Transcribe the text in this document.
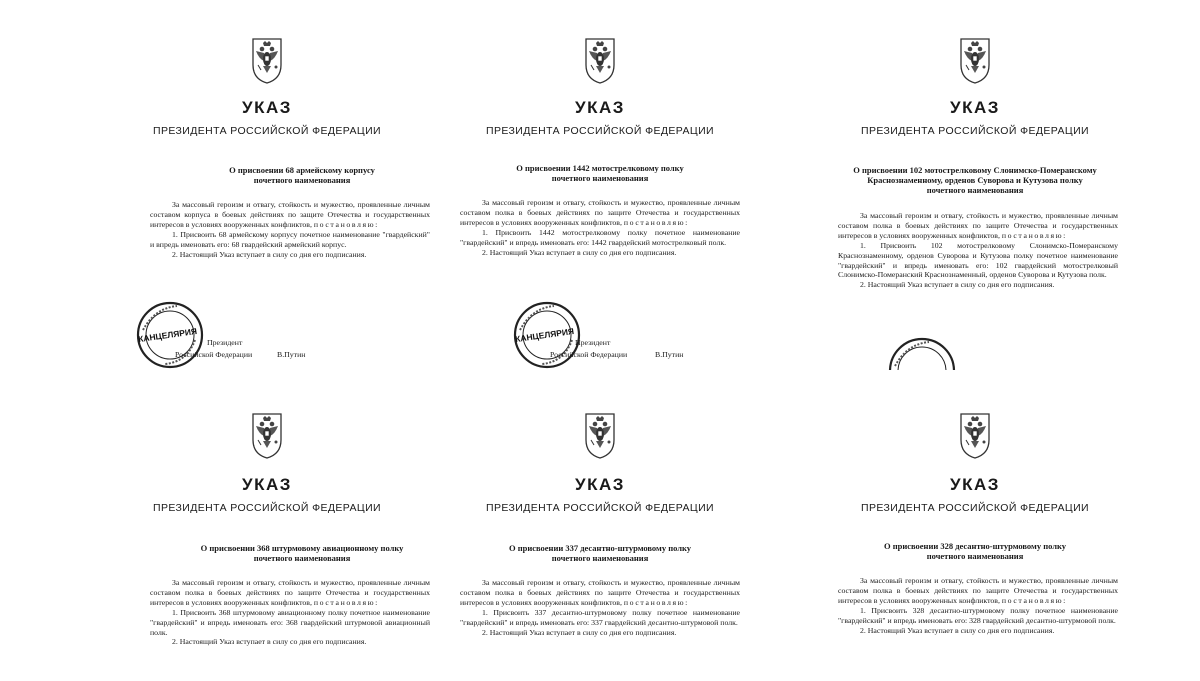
УКАЗ
ПРЕЗИДЕНТА РОССИЙСКОЙ ФЕДЕРАЦИИ
О присвоении 68 армейскому корпусу
почетного наименования

За массовый героизм и отвагу, стойкость и мужество, проявленные личным составом корпуса в боевых действиях по защите Отечества и государственных интересов в условиях вооруженных конфликтов, постановляю:

1. Присвоить 68 армейскому корпусу почетное наименование "гвардейский" и впредь именовать его: 68 гвардейский армейский корпус.

2. Настоящий Указ вступает в силу со дня его подписания.

КАНЦЕЛЯРИЯ Президент
Российской Федерации	В.Путин
УКАЗ
ПРЕЗИДЕНТА РОССИЙСКОЙ ФЕДЕРАЦИИ
О присвоении 1442 мотострелковому полку
почетного наименования

За массовый героизм и отвагу, стойкость и мужество, проявленные личным составом полка в боевых действиях по защите Отечества и государственных интересов в условиях вооруженных конфликтов, постановляю:

1. Присвоить 1442 мотострелковому полку почетное наименование "гвардейский" и впредь именовать его: 1442 гвардейский мотострелковый полк.

2. Настоящий Указ вступает в силу со дня его подписания.

КАНЦЕЛЯРИЯ Президент
Российской Федерации	В.Путин
УКАЗ
ПРЕЗИДЕНТА РОССИЙСКОЙ ФЕДЕРАЦИИ
О присвоении 102 мотострелковому Слонимско-Померанскому
Краснознаменному, орденов Суворова и Кутузова полку
почетного наименования

За массовый героизм и отвагу, стойкость и мужество, проявленные личным составом полка в боевых действиях по защите Отечества и государственных интересов в условиях вооруженных конфликтов, постановляю:

1. Присвоить 102 мотострелковому Слонимско-Померанскому Краснознаменному, орденов Суворова и Кутузова полку почетное наименование "гвардейский" и впредь именовать его: 102 гвардейский мотострелковый Слонимско-Померанский Краснознаменный, орденов Суворова и Кутузова полк.

2. Настоящий Указ вступает в силу со дня его подписания.

УКАЗ
ПРЕЗИДЕНТА РОССИЙСКОЙ ФЕДЕРАЦИИ
О присвоении 368 штурмовому авиационному полку
почетного наименования

За массовый героизм и отвагу, стойкость и мужество, проявленные личным составом полка в боевых действиях по защите Отечества и государственных интересов в условиях вооруженных конфликтов, постановляю:

1. Присвоить 368 штурмовому авиационному полку почетное наименование "гвардейский" и впредь именовать его: 368 гвардейский штурмовой авиационный полк.

2. Настоящий Указ вступает в силу со дня его подписания.

УКАЗ
ПРЕЗИДЕНТА РОССИЙСКОЙ ФЕДЕРАЦИИ
О присвоении 337 десантно-штурмовому полку
почетного наименования

За массовый героизм и отвагу, стойкость и мужество, проявленные личным составом полка в боевых действиях по защите Отечества и государственных интересов в условиях вооруженных конфликтов, постановляю:

1. Присвоить 337 десантно-штурмовому полку почетное наименование "гвардейский" и впредь именовать его: 337 гвардейский десантно-штурмовой полк.

2. Настоящий Указ вступает в силу со дня его подписания.

УКАЗ
ПРЕЗИДЕНТА РОССИЙСКОЙ ФЕДЕРАЦИИ
О присвоении 328 десантно-штурмовому полку
почетного наименования

За массовый героизм и отвагу, стойкость и мужество, проявленные личным составом полка в боевых действиях по защите Отечества и государственных интересов в условиях вооруженных конфликтов, постановляю:

1. Присвоить 328 десантно-штурмовому полку почетное наименование "гвардейский" и впредь именовать его: 328 гвардейский десантно-штурмовой полк.

2. Настоящий Указ вступает в силу со дня его подписания.
